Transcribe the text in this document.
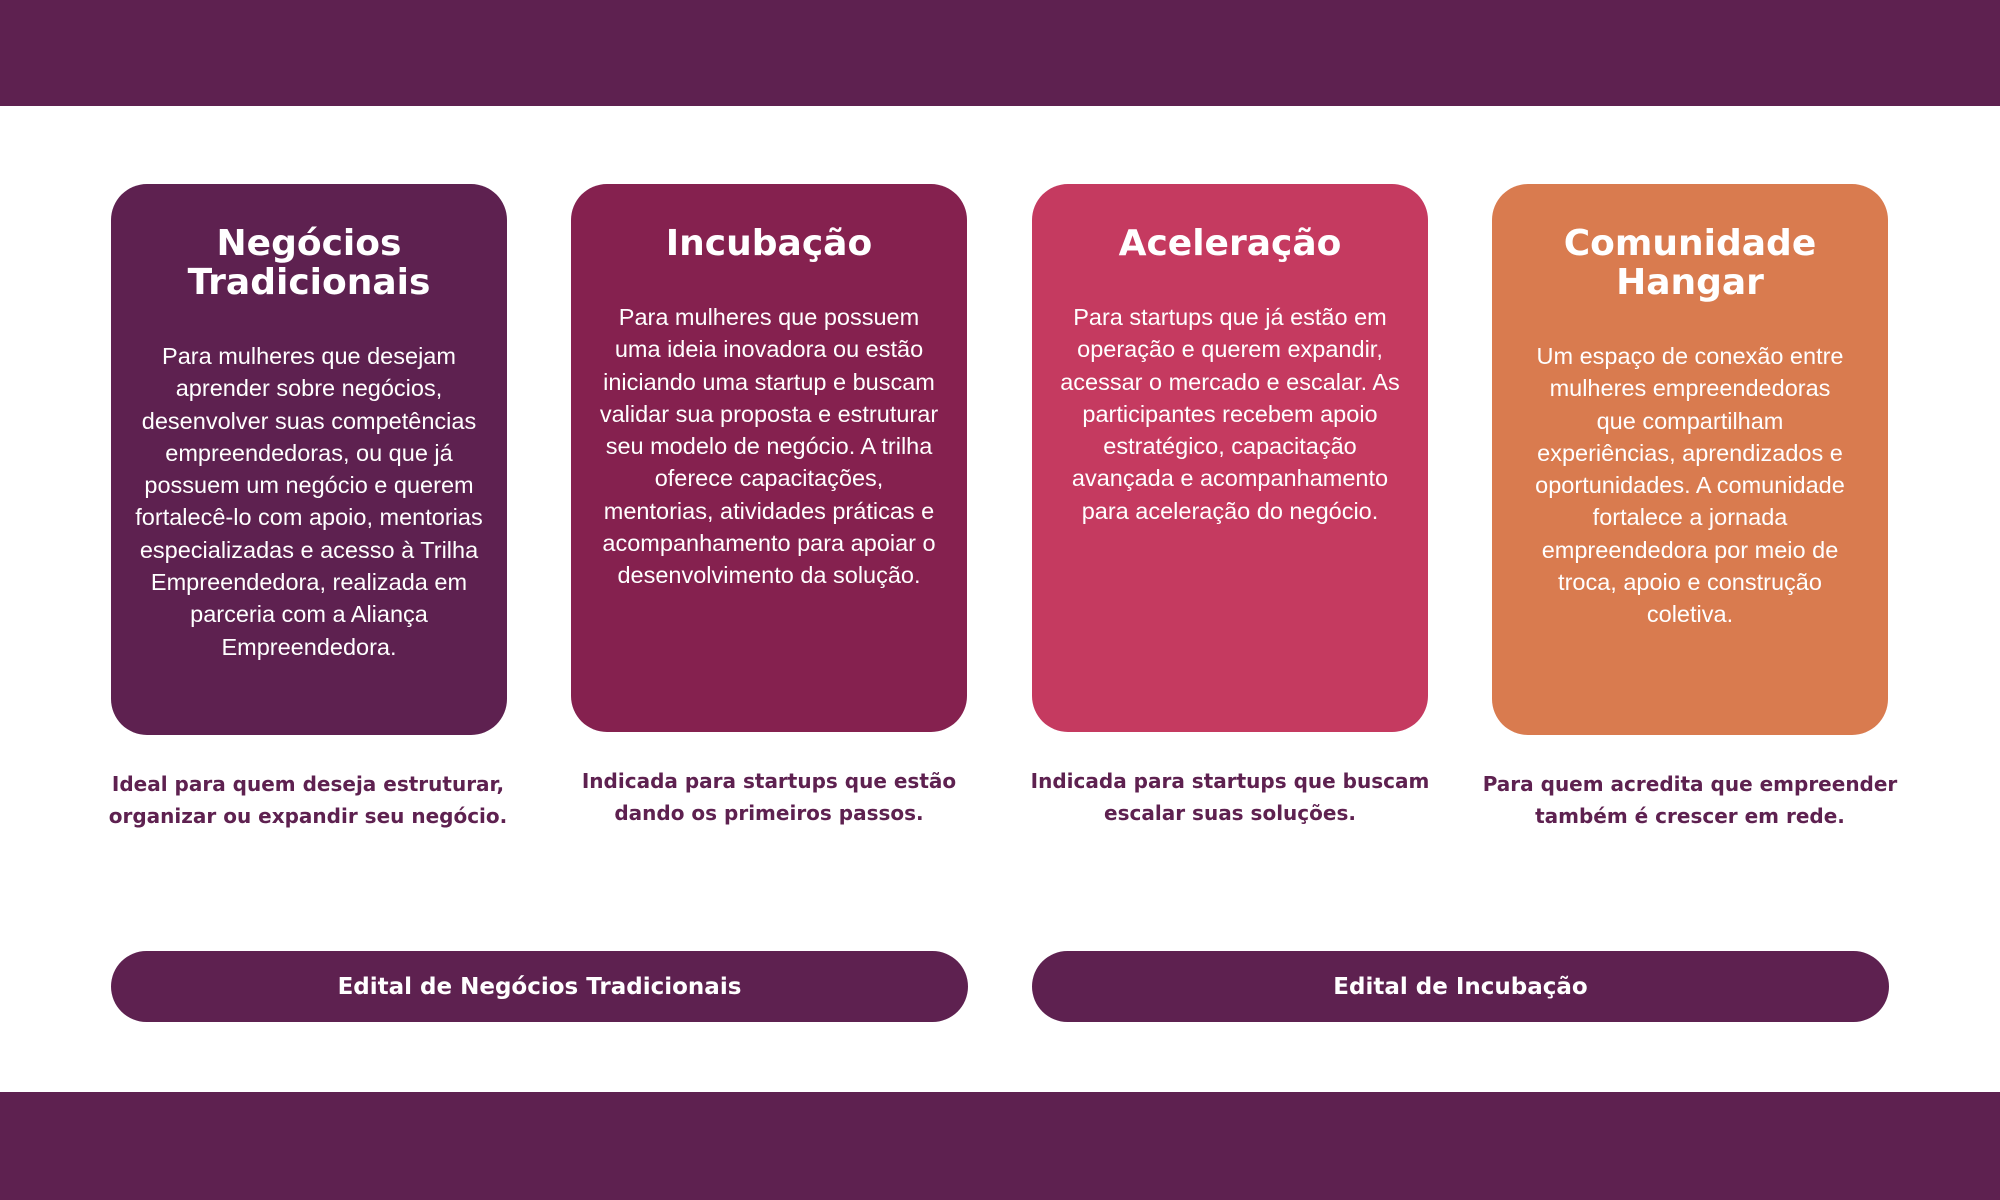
Negócios Tradicionais

Para mulheres que desejam aprender sobre negócios, desenvolver suas competências empreendedoras, ou que já possuem um negócio e querem fortalecê-lo com apoio, mentorias especializadas e acesso à Trilha Empreendedora, realizada em parceria com a Aliança Empreendedora.

Incubação

Para mulheres que possuem uma ideia inovadora ou estão iniciando uma startup e buscam validar sua proposta e estruturar seu modelo de negócio. A trilha oferece capacitações, mentorias, atividades práticas e acompanhamento para apoiar o desenvolvimento da solução.

Aceleração

Para startups que já estão em operação e querem expandir, acessar o mercado e escalar. As participantes recebem apoio estratégico, capacitação avançada e acompanhamento para aceleração do negócio.

Comunidade Hangar

Um espaço de conexão entre mulheres empreendedoras que compartilham experiências, aprendizados e oportunidades. A comunidade fortalece a jornada empreendedora por meio de troca, apoio e construção coletiva.

Ideal para quem deseja estruturar, organizar ou expandir seu negócio.

Indicada para startups que estão dando os primeiros passos.

Indicada para startups que buscam escalar suas soluções.

Para quem acredita que empreender também é crescer em rede.

Edital de Negócios Tradicionais	Edital de Incubação
